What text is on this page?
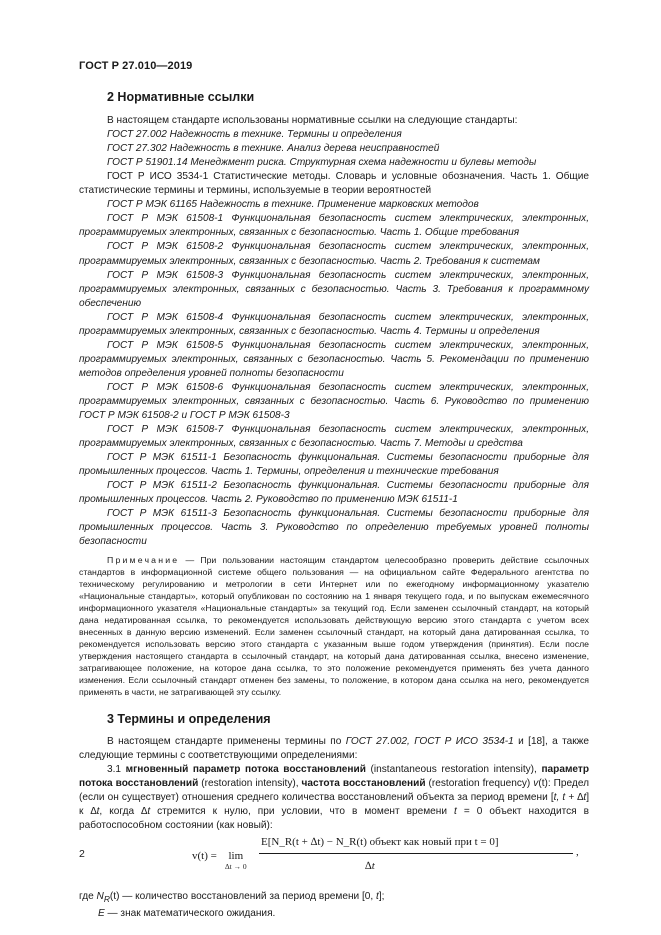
ГОСТ Р 27.010—2019
2 Нормативные ссылки

В настоящем стандарте использованы нормативные ссылки на следующие стандарты:

ГОСТ 27.002 Надежность в технике. Термины и определения

ГОСТ 27.302 Надежность в технике. Анализ дерева неисправностей

ГОСТ Р 51901.14 Менеджмент риска. Структурная схема надежности и булевы методы

ГОСТ Р ИСО 3534-1 Статистические методы. Словарь и условные обозначения. Часть 1. Общие статистические термины и термины, используемые в теории вероятностей

ГОСТ Р МЭК 61165 Надежность в технике. Применение марковских методов

ГОСТ Р МЭК 61508-1 Функциональная безопасность систем электрических, электронных, программируемых электронных, связанных с безопасностью. Часть 1. Общие требования

ГОСТ Р МЭК 61508-2 Функциональная безопасность систем электрических, электронных, программируемых электронных, связанных с безопасностью. Часть 2. Требования к системам

ГОСТ Р МЭК 61508-3 Функциональная безопасность систем электрических, электронных, программируемых электронных, связанных с безопасностью. Часть 3. Требования к программному обеспечению

ГОСТ Р МЭК 61508-4 Функциональная безопасность систем электрических, электронных, программируемых электронных, связанных с безопасностью. Часть 4. Термины и определения

ГОСТ Р МЭК 61508-5 Функциональная безопасность систем электрических, электронных, программируемых электронных, связанных с безопасностью. Часть 5. Рекомендации по применению методов определения уровней полноты безопасности

ГОСТ Р МЭК 61508-6 Функциональная безопасность систем электрических, электронных, программируемых электронных, связанных с безопасностью. Часть 6. Руководство по применению ГОСТ Р МЭК 61508-2 и ГОСТ Р МЭК 61508-3

ГОСТ Р МЭК 61508-7 Функциональная безопасность систем электрических, электронных, программируемых электронных, связанных с безопасностью. Часть 7. Методы и средства

ГОСТ Р МЭК 61511-1 Безопасность функциональная. Системы безопасности приборные для промышленных процессов. Часть 1. Термины, определения и технические требования

ГОСТ Р МЭК 61511-2 Безопасность функциональная. Системы безопасности приборные для промышленных процессов. Часть 2. Руководство по применению МЭК 61511-1

ГОСТ Р МЭК 61511-3 Безопасность функциональная. Системы безопасности приборные для промышленных процессов. Часть 3. Руководство по определению требуемых уровней полноты безопасности

Примечание — При пользовании настоящим стандартом целесообразно проверить действие ссылочных стандартов в информационной системе общего пользования — на официальном сайте Федерального агентства по техническому регулированию и метрологии в сети Интернет или по ежегодному информационному указателю «Национальные стандарты», который опубликован по состоянию на 1 января текущего года, и по выпускам ежемесячного информационного указателя «Национальные стандарты» за текущий год. Если заменен ссылочный стандарт, на который дана недатированная ссылка, то рекомендуется использовать действующую версию этого стандарта с учетом всех внесенных в данную версию изменений. Если заменен ссылочный стандарт, на который дана датированная ссылка, то рекомендуется использовать версию этого стандарта с указанным выше годом утверждения (принятия). Если после утверждения настоящего стандарта в ссылочный стандарт, на который дана датированная ссылка, внесено изменение, затрагивающее положение, на которое дана ссылка, то это положение рекомендуется применять без учета данного изменения. Если ссылочный стандарт отменен без замены, то положение, в котором дана ссылка на него, рекомендуется применять в части, не затрагивающей эту ссылку.

3 Термины и определения

В настоящем стандарте применены термины по ГОСТ 27.002, ГОСТ Р ИСО 3534-1 и [18], а также следующие термины с соответствующими определениями:

3.1 мгновенный параметр потока восстановлений (instantaneous restoration intensity), параметр потока восстановлений (restoration intensity), частота восстановлений (restoration frequency) v(t): Предел (если он существует) отношения среднего количества восстановлений объекта за период времени [t, t + ∆t] к ∆t, когда ∆t стремится к нулю, при условии, что в момент времени t = 0 объект находится в работоспособном состоянии (как новый):

v(t) =	lim
∆t → 0
E[N_R(t + ∆t) − N_R(t) объект как новый при t = 0]
∆t
,

где $N_R(t)$ — количество восстановлений за период времени [0, t];

E — знак математического ожидания.

2
